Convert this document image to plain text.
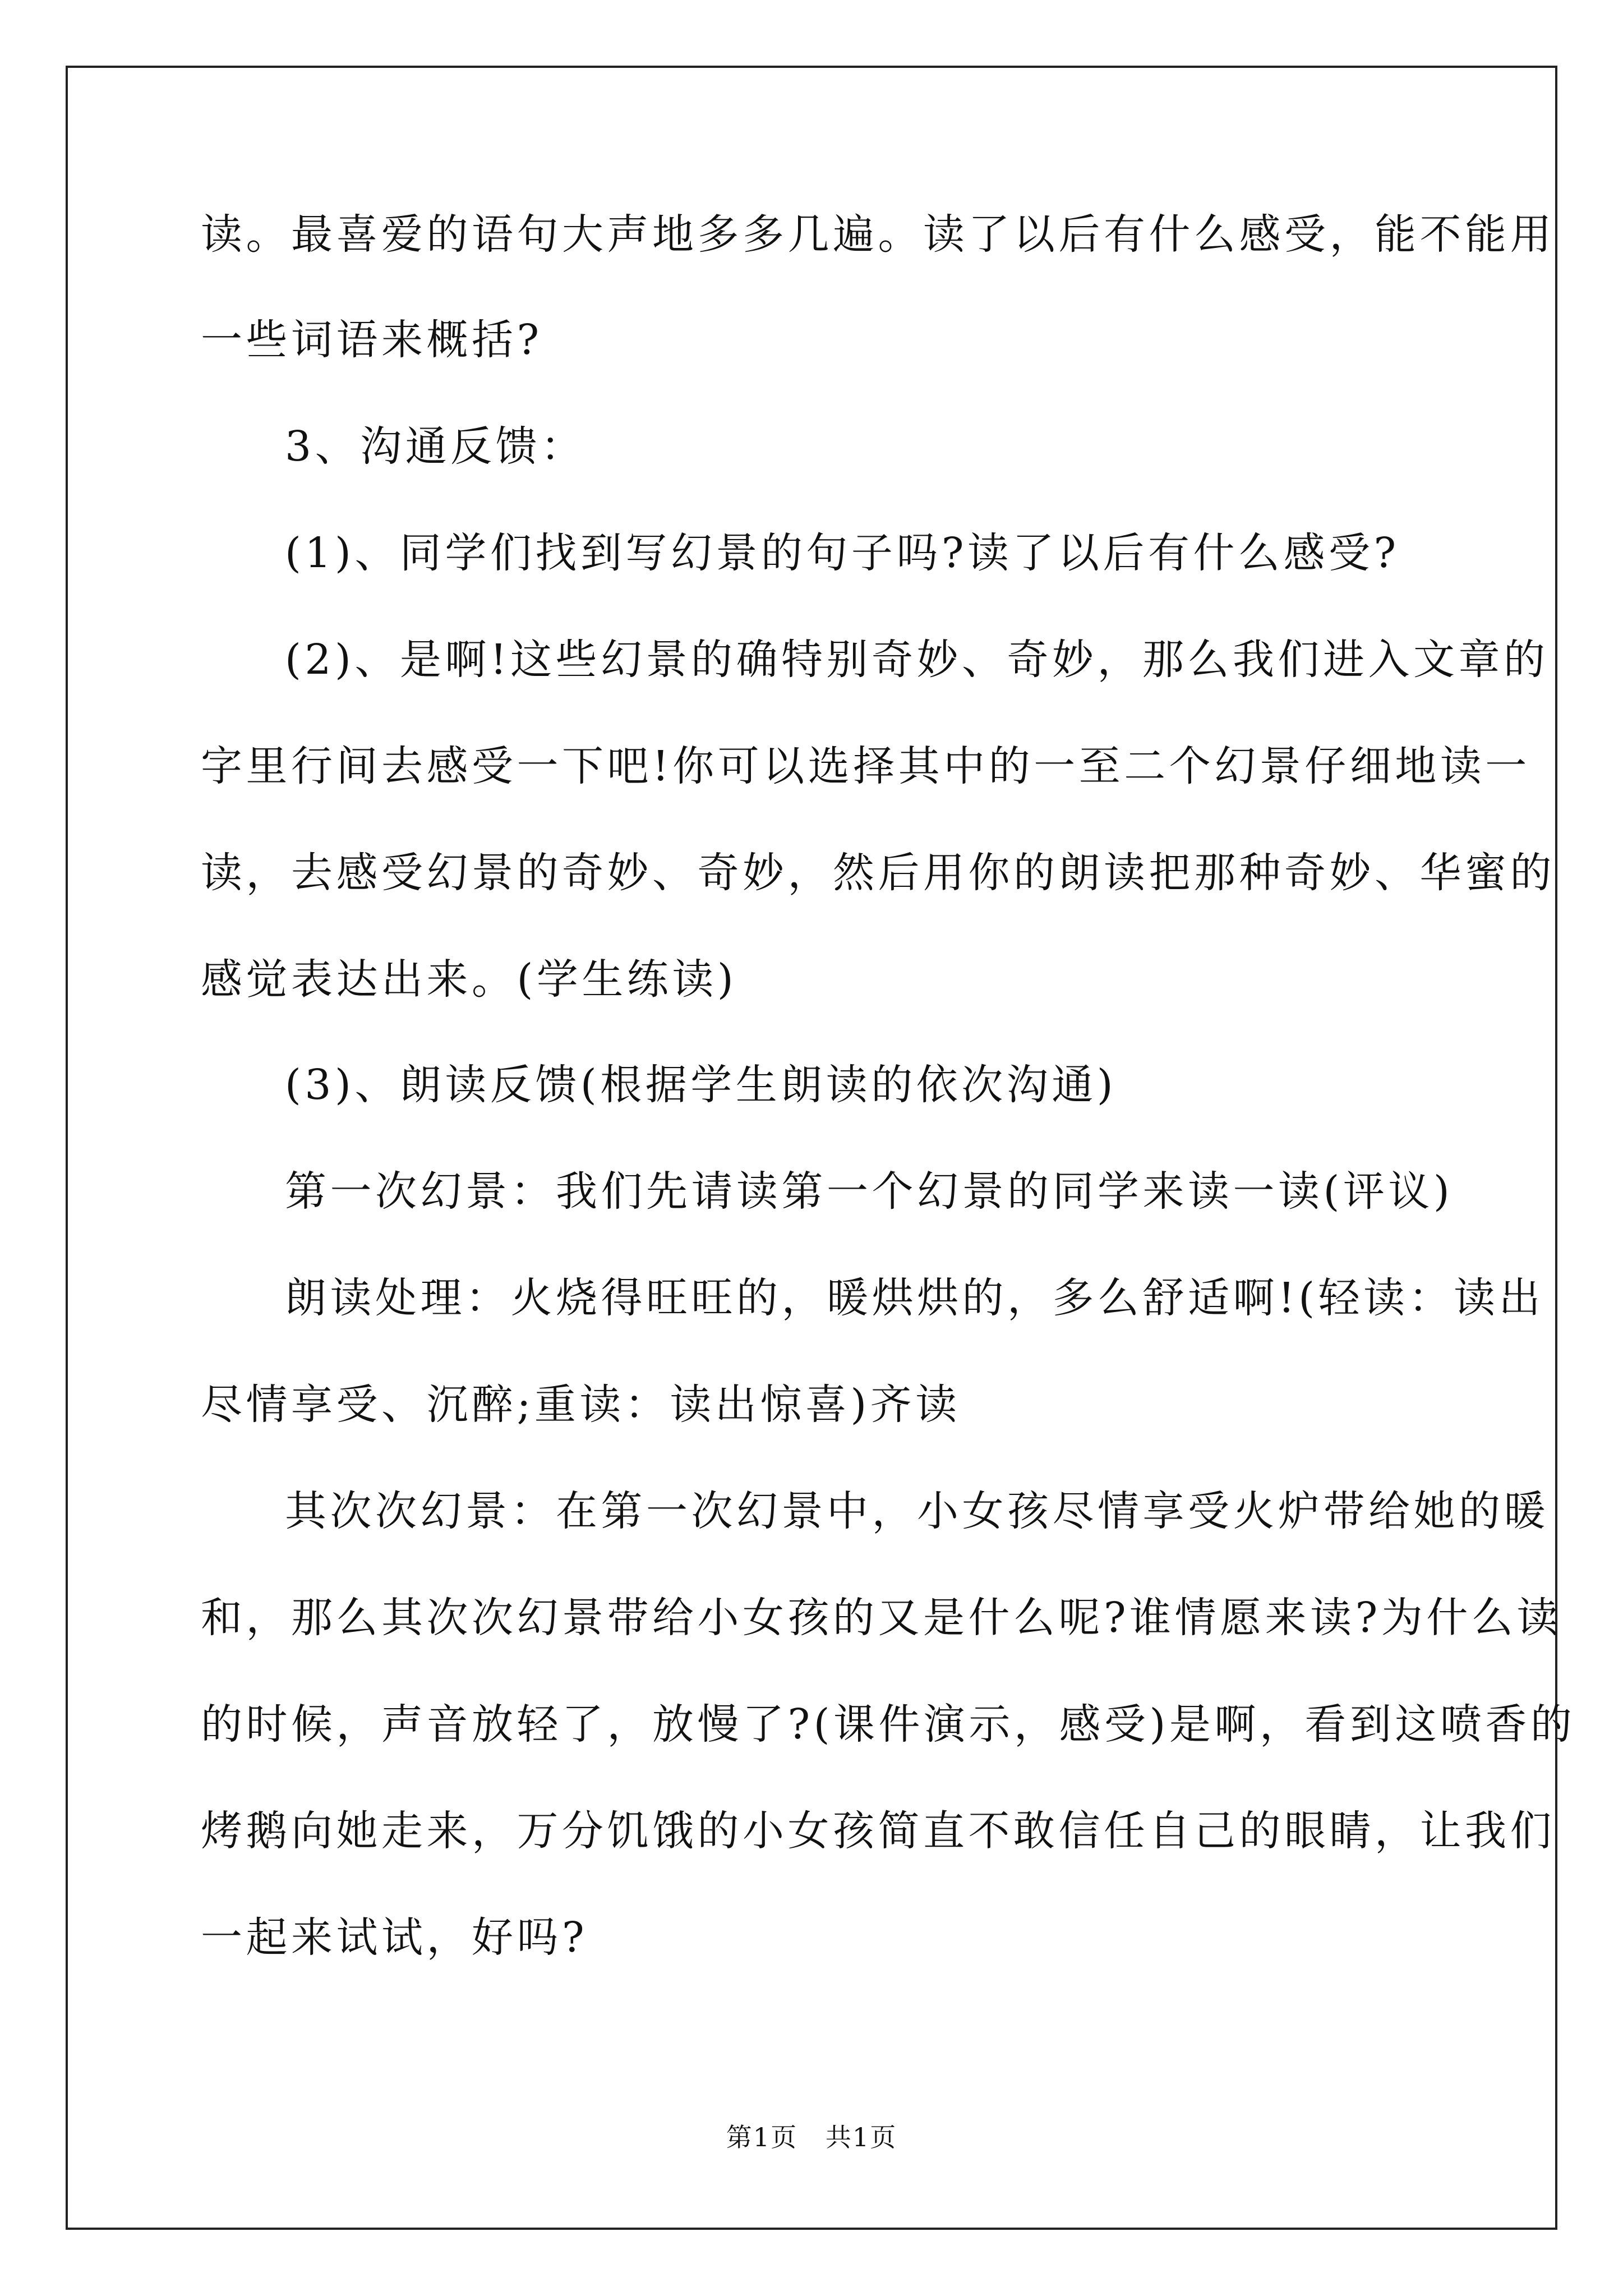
读。最喜爱的语句大声地多多几遍。读了以后有什么感受，能不能用
一些词语来概括?
3、沟通反馈：
(1)、同学们找到写幻景的句子吗?读了以后有什么感受?
(2)、是啊!这些幻景的确特别奇妙、奇妙，那么我们进入文章的
字里行间去感受一下吧!你可以选择其中的一至二个幻景仔细地读一
读，去感受幻景的奇妙、奇妙，然后用你的朗读把那种奇妙、华蜜的
感觉表达出来。(学生练读)
(3)、朗读反馈(根据学生朗读的依次沟通)
第一次幻景：我们先请读第一个幻景的同学来读一读(评议)
朗读处理：火烧得旺旺的，暖烘烘的，多么舒适啊!(轻读：读出
尽情享受、沉醉;重读：读出惊喜)齐读
其次次幻景：在第一次幻景中，小女孩尽情享受火炉带给她的暖
和，那么其次次幻景带给小女孩的又是什么呢?谁情愿来读?为什么读
的时候，声音放轻了，放慢了?(课件演示，感受)是啊，看到这喷香的
烤鹅向她走来，万分饥饿的小女孩简直不敢信任自己的眼睛，让我们
一起来试试，好吗?
第1页   共1页
